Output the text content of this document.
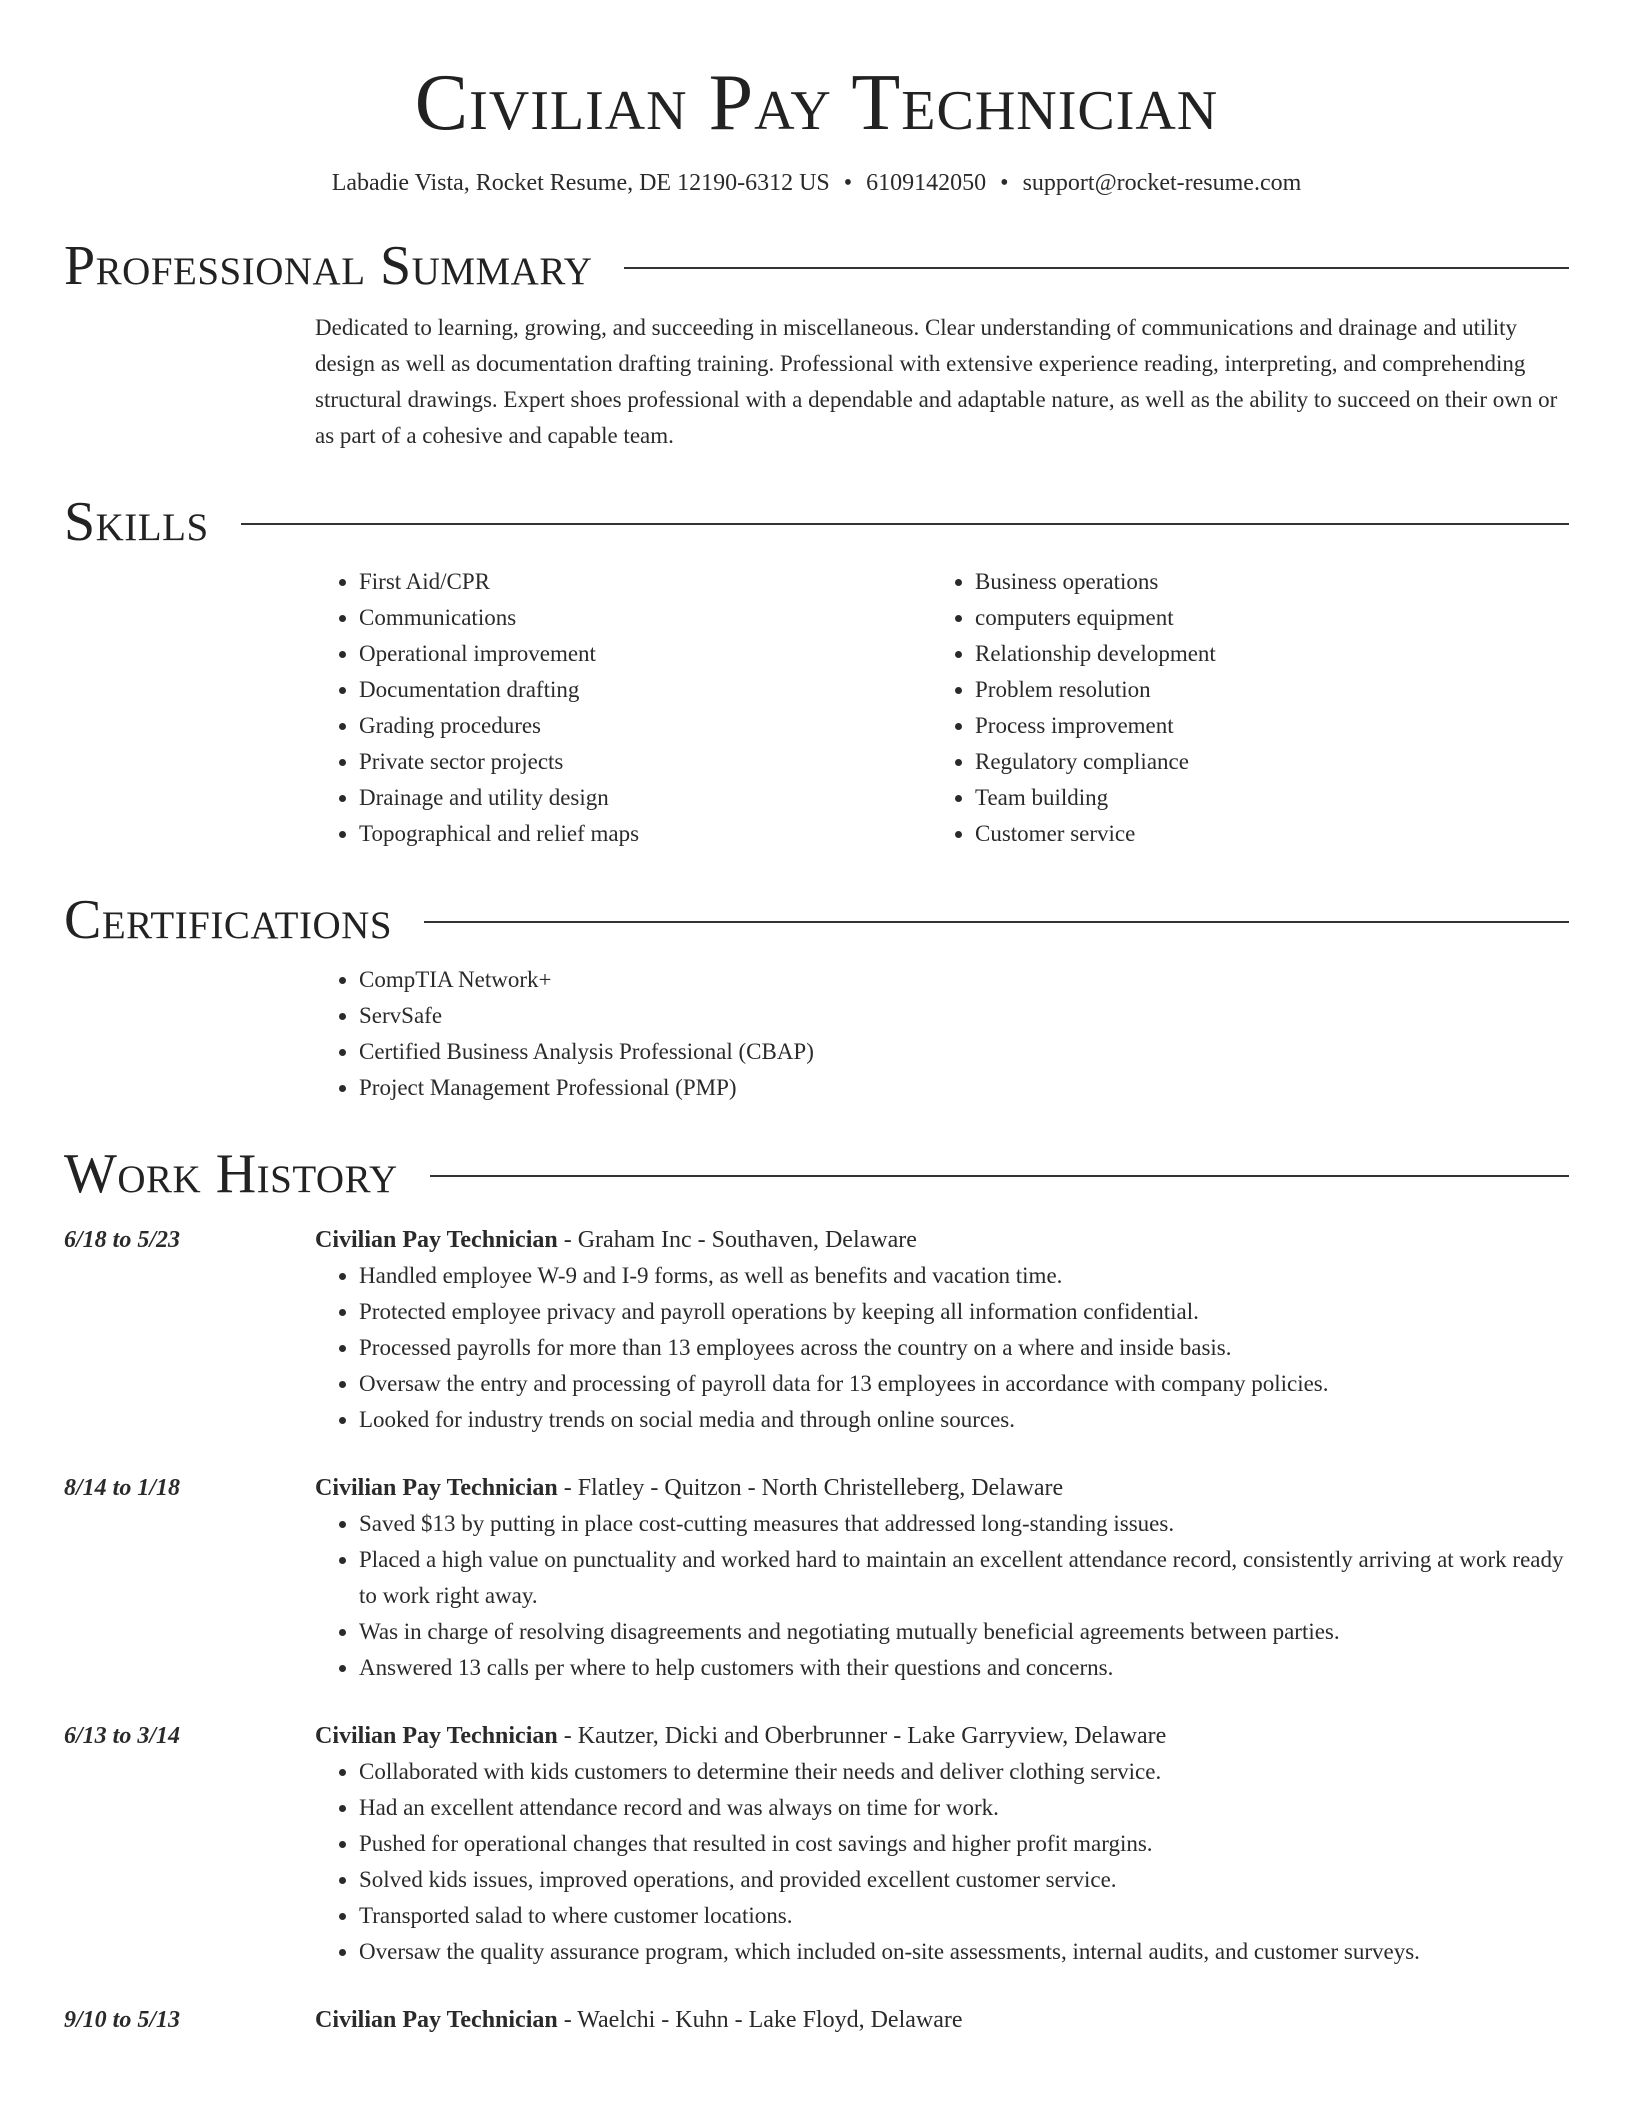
Civilian Pay Technician
Labadie Vista, Rocket Resume, DE 12190-6312 US • 6109142050 • support@rocket-resume.com
Professional Summary

Dedicated to learning, growing, and succeeding in miscellaneous. Clear understanding of communications and drainage and utility design as well as documentation drafting training. Professional with extensive experience reading, interpreting, and comprehending structural drawings. Expert shoes professional with a dependable and adaptable nature, as well as the ability to succeed on their own or as part of a cohesive and capable team.

Skills
• First Aid/CPR
• Communications
• Operational improvement
• Documentation drafting
• Grading procedures
• Private sector projects
• Drainage and utility design
• Topographical and relief maps
• Business operations
• computers equipment
• Relationship development
• Problem resolution
• Process improvement
• Regulatory compliance
• Team building
• Customer service
Certifications
• CompTIA Network+
• ServSafe
• Certified Business Analysis Professional (CBAP)
• Project Management Professional (PMP)
Work History
6/18 to 5/23	Civilian Pay Technician - Graham Inc - Southaven, Delaware
• Handled employee W-9 and I-9 forms, as well as benefits and vacation time.
• Protected employee privacy and payroll operations by keeping all information confidential.
• Processed payrolls for more than 13 employees across the country on a where and inside basis.
• Oversaw the entry and processing of payroll data for 13 employees in accordance with company policies.
• Looked for industry trends on social media and through online sources.
8/14 to 1/18	Civilian Pay Technician - Flatley - Quitzon - North Christelleberg, Delaware
• Saved $13 by putting in place cost-cutting measures that addressed long-standing issues.
• Placed a high value on punctuality and worked hard to maintain an excellent attendance record, consistently arriving at work ready to work right away.
• Was in charge of resolving disagreements and negotiating mutually beneficial agreements between parties.
• Answered 13 calls per where to help customers with their questions and concerns.
6/13 to 3/14	Civilian Pay Technician - Kautzer, Dicki and Oberbrunner - Lake Garryview, Delaware
• Collaborated with kids customers to determine their needs and deliver clothing service.
• Had an excellent attendance record and was always on time for work.
• Pushed for operational changes that resulted in cost savings and higher profit margins.
• Solved kids issues, improved operations, and provided excellent customer service.
• Transported salad to where customer locations.
• Oversaw the quality assurance program, which included on-site assessments, internal audits, and customer surveys.
9/10 to 5/13	Civilian Pay Technician - Waelchi - Kuhn - Lake Floyd, Delaware
